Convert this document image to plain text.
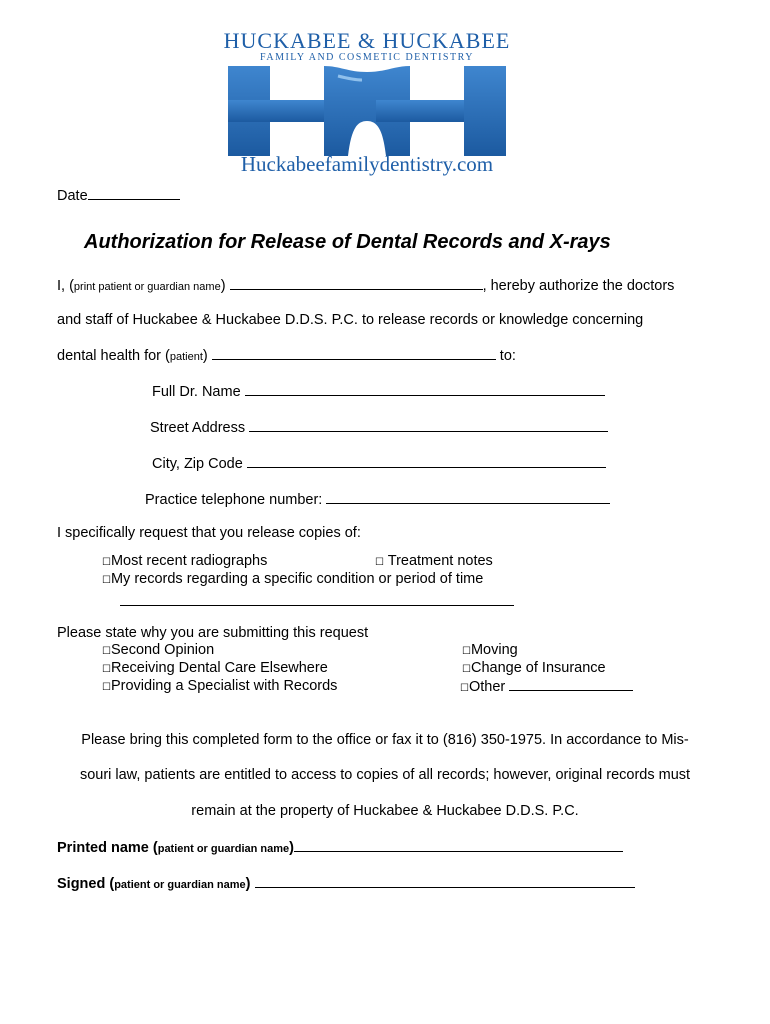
HUCKABEE & HUCKABEE
FAMILY AND COSMETIC DENTISTRY
Huckabeefamilydentistry.com
Date
Authorization for Release of Dental Records and X-rays
I, (print patient or guardian name)	, hereby authorize the doctors
and staff of Huckabee & Huckabee D.D.S. P.C. to release records or knowledge concerning
dental health for (patient)	to:
Full Dr. Name
Street Address
City, Zip Code
Practice telephone number:
I specifically request that you release copies of:
☐Most recent radiographs	☐ Treatment notes
☐My records regarding a specific condition or period of time
Please state why you are submitting this request
☐Second Opinion
☐Receiving Dental Care Elsewhere
☐Providing a Specialist with Records
☐Moving
☐Change of Insurance
☐Other
Please bring this completed form to the office or fax it to (816) 350-1975. In accordance to Mis-
souri law, patients are entitled to access to copies of all records; however, original records must
remain at the property of Huckabee & Huckabee D.D.S. P.C.
Printed name (patient or guardian name)
Signed (patient or guardian name)
